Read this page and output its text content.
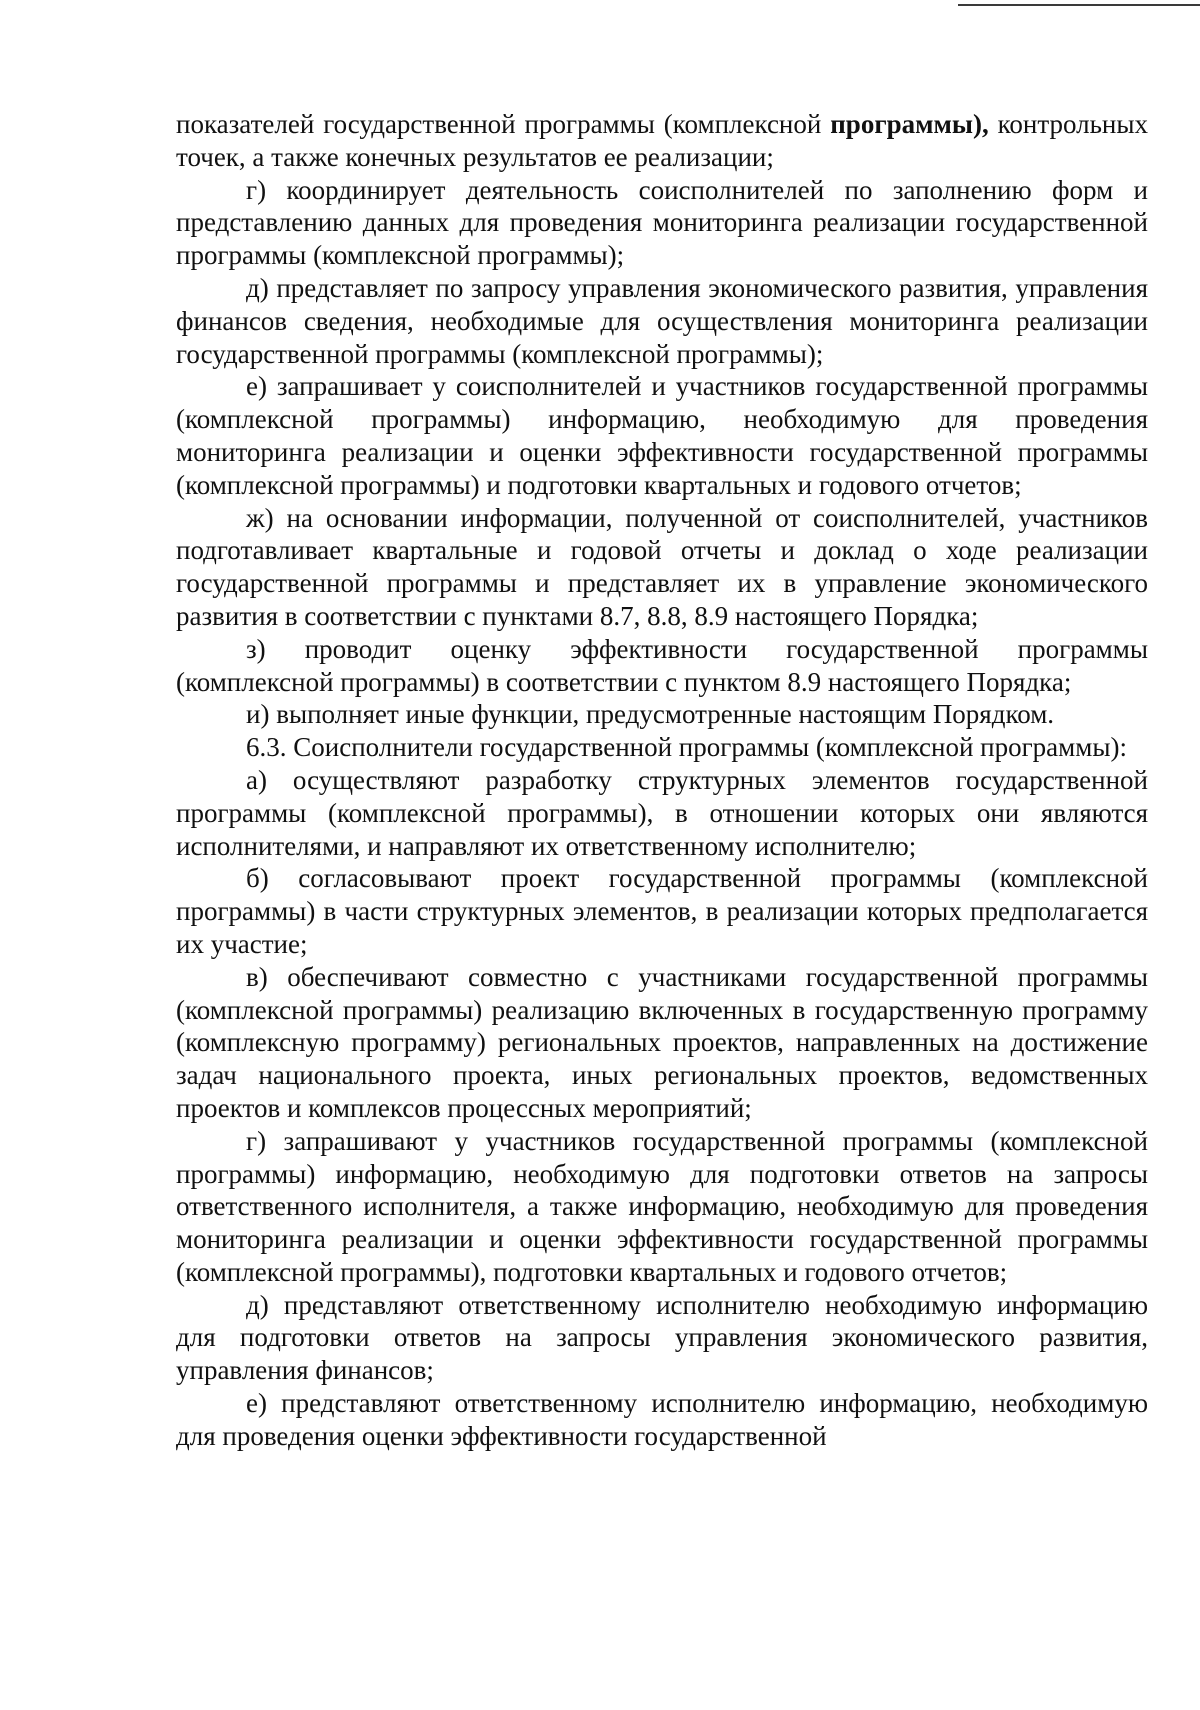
показателей государственной программы (комплексной программы), контрольных точек, а также конечных результатов ее реализации;

г) координирует деятельность соисполнителей по заполнению форм и представлению данных для проведения мониторинга реализации государственной программы (комплексной программы);

д) представляет по запросу управления экономического развития, управления финансов сведения, необходимые для осуществления мониторинга реализации государственной программы (комплексной программы);

е) запрашивает у соисполнителей и участников государственной программы (комплексной программы) информацию, необходимую для проведения мониторинга реализации и оценки эффективности государственной программы (комплексной программы) и подготовки квартальных и годового отчетов;

ж) на основании информации, полученной от соисполнителей, участников подготавливает квартальные и годовой отчеты и доклад о ходе реализации государственной программы и представляет их в управление экономического развития в соответствии с пунктами 8.7, 8.8, 8.9 настоящего Порядка;

з) проводит оценку эффективности государственной программы (комплексной программы) в соответствии с пунктом 8.9 настоящего Порядка;

и) выполняет иные функции, предусмотренные настоящим Порядком.

6.3. Соисполнители государственной программы (комплексной программы):

а) осуществляют разработку структурных элементов государственной программы (комплексной программы), в отношении которых они являются исполнителями, и направляют их ответственному исполнителю;

б) согласовывают проект государственной программы (комплексной программы) в части структурных элементов, в реализации которых предполагается их участие;

в) обеспечивают совместно с участниками государственной программы (комплексной программы) реализацию включенных в государственную программу (комплексную программу) региональных проектов, направленных на достижение задач национального проекта, иных региональных проектов, ведомственных проектов и комплексов процессных мероприятий;

г) запрашивают у участников государственной программы (комплексной программы) информацию, необходимую для подготовки ответов на запросы ответственного исполнителя, а также информацию, необходимую для проведения мониторинга реализации и оценки эффективности государственной программы (комплексной программы), подготовки квартальных и годового отчетов;

д) представляют ответственному исполнителю необходимую информацию для подготовки ответов на запросы управления экономического развития, управления финансов;

е) представляют ответственному исполнителю информацию, необходимую для проведения оценки эффективности государственной
